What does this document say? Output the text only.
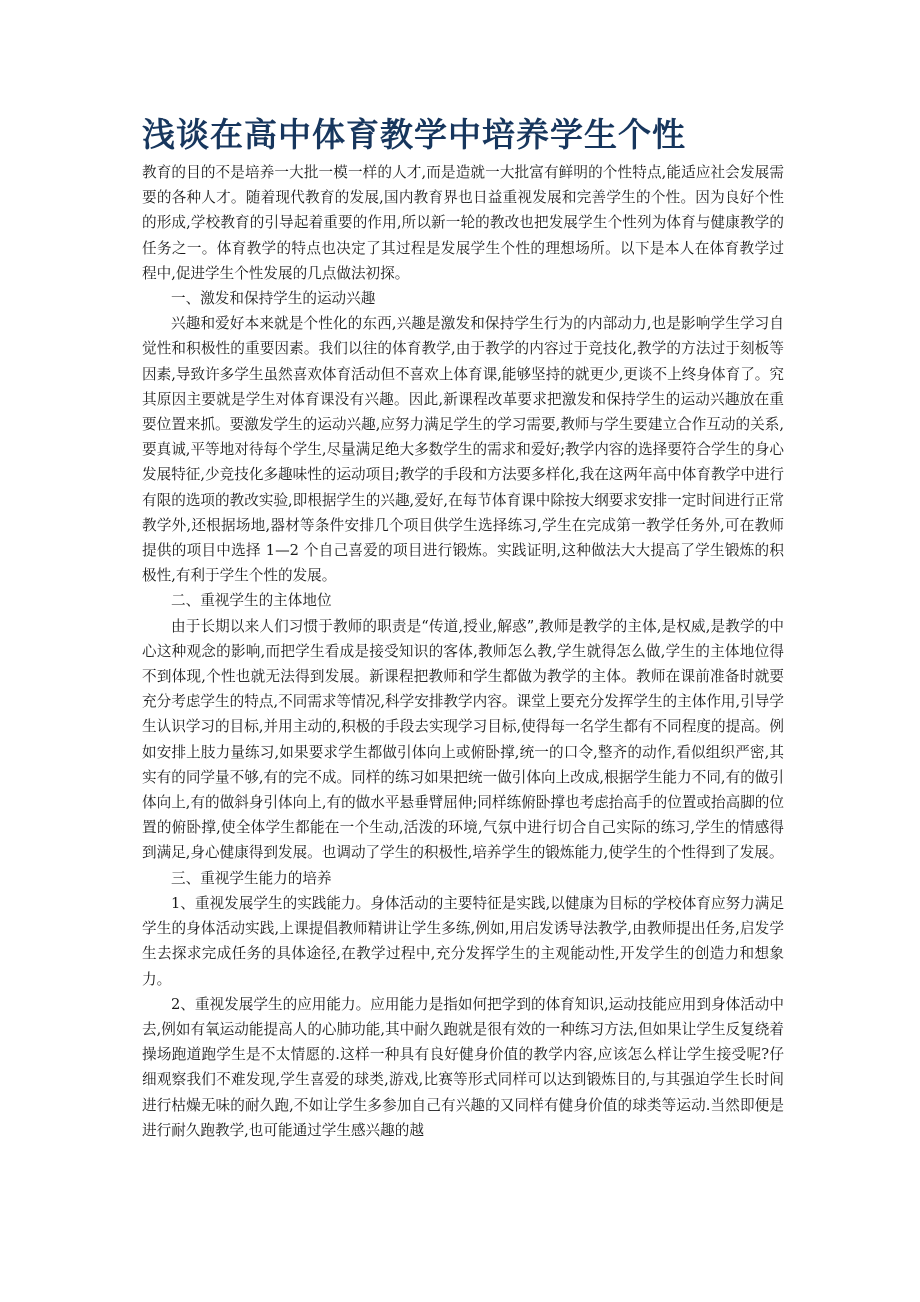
浅谈在高中体育教学中培养学生个性

教育的目的不是培养一大批一模一样的人才,而是造就一大批富有鲜明的个性特点,能适应社会发展需要的各种人才。随着现代教育的发展,国内教育界也日益重视发展和完善学生的个性。因为良好个性的形成,学校教育的引导起着重要的作用,所以新一轮的教改也把发展学生个性列为体育与健康教学的任务之一。体育教学的特点也决定了其过程是发展学生个性的理想场所。以下是本人在体育教学过程中,促进学生个性发展的几点做法初探。

一、激发和保持学生的运动兴趣

兴趣和爱好本来就是个性化的东西,兴趣是激发和保持学生行为的内部动力,也是影响学生学习自觉性和积极性的重要因素。我们以往的体育教学,由于教学的内容过于竞技化,教学的方法过于刻板等因素,导致许多学生虽然喜欢体育活动但不喜欢上体育课,能够坚持的就更少,更谈不上终身体育了。究其原因主要就是学生对体育课没有兴趣。因此,新课程改革要求把激发和保持学生的运动兴趣放在重要位置来抓。要激发学生的运动兴趣,应努力满足学生的学习需要,教师与学生要建立合作互动的关系,要真诚,平等地对待每个学生,尽量满足绝大多数学生的需求和爱好;教学内容的选择要符合学生的身心发展特征,少竞技化多趣味性的运动项目;教学的手段和方法要多样化,我在这两年高中体育教学中进行有限的选项的教改实验,即根据学生的兴趣,爱好,在每节体育课中除按大纲要求安排一定时间进行正常教学外,还根据场地,器材等条件安排几个项目供学生选择练习,学生在完成第一教学任务外,可在教师提供的项目中选择 1—2 个自己喜爱的项目进行锻炼。实践证明,这种做法大大提高了学生锻炼的积极性,有利于学生个性的发展。

二、重视学生的主体地位

由于长期以来人们习惯于教师的职责是“传道,授业,解惑”,教师是教学的主体,是权威,是教学的中心这种观念的影响,而把学生看成是接受知识的客体,教师怎么教,学生就得怎么做,学生的主体地位得不到体现,个性也就无法得到发展。新课程把教师和学生都做为教学的主体。教师在课前准备时就要充分考虑学生的特点,不同需求等情况,科学安排教学内容。课堂上要充分发挥学生的主体作用,引导学生认识学习的目标,并用主动的,积极的手段去实现学习目标,使得每一名学生都有不同程度的提高。例如安排上肢力量练习,如果要求学生都做引体向上或俯卧撑,统一的口令,整齐的动作,看似组织严密,其实有的同学量不够,有的完不成。同样的练习如果把统一做引体向上改成,根据学生能力不同,有的做引体向上,有的做斜身引体向上,有的做水平悬垂臂屈伸;同样练俯卧撑也考虑抬高手的位置或抬高脚的位置的俯卧撑,使全体学生都能在一个生动,活泼的环境,气氛中进行切合自己实际的练习,学生的情感得到满足,身心健康得到发展。也调动了学生的积极性,培养学生的锻炼能力,使学生的个性得到了发展。

三、重视学生能力的培养

1、重视发展学生的实践能力。身体活动的主要特征是实践,以健康为目标的学校体育应努力满足学生的身体活动实践,上课提倡教师精讲让学生多练,例如,用启发诱导法教学,由教师提出任务,启发学生去探求完成任务的具体途径,在教学过程中,充分发挥学生的主观能动性,开发学生的创造力和想象力。

2、重视发展学生的应用能力。应用能力是指如何把学到的体育知识,运动技能应用到身体活动中去,例如有氧运动能提高人的心肺功能,其中耐久跑就是很有效的一种练习方法,但如果让学生反复绕着操场跑道跑学生是不太情愿的.这样一种具有良好健身价值的教学内容,应该怎么样让学生接受呢?仔细观察我们不难发现,学生喜爱的球类,游戏,比赛等形式同样可以达到锻炼目的,与其强迫学生长时间进行枯燥无味的耐久跑,不如让学生多参加自己有兴趣的又同样有健身价值的球类等运动.当然即便是进行耐久跑教学,也可能通过学生感兴趣的越
